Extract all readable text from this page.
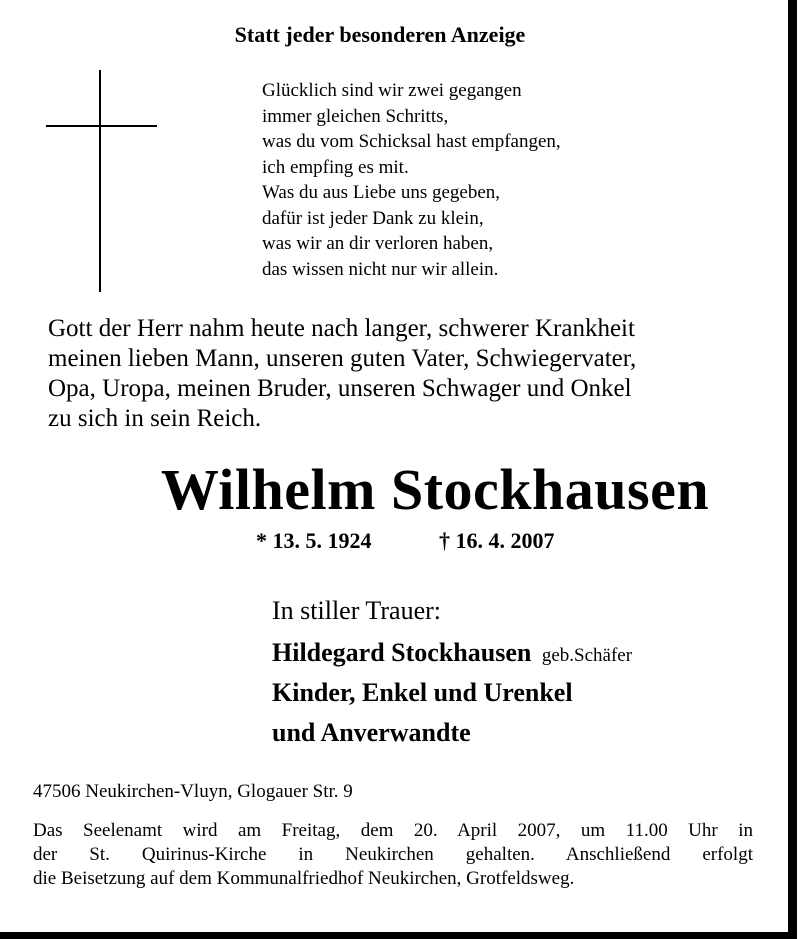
Statt jeder besonderen Anzeige
Glücklich sind wir zwei gegangen
immer gleichen Schritts,
was du vom Schicksal hast empfangen,
ich empfing es mit.
Was du aus Liebe uns gegeben,
dafür ist jeder Dank zu klein,
was wir an dir verloren haben,
das wissen nicht nur wir allein.
Gott der Herr nahm heute nach langer, schwerer Krankheit
meinen lieben Mann, unseren guten Vater, Schwiegervater,
Opa, Uropa, meinen Bruder, unseren Schwager und Onkel
zu sich in sein Reich.
Wilhelm Stockhausen
* 13. 5. 1924	† 16. 4. 2007
In stiller Trauer:
Hildegard Stockhausen geb.Schäfer
Kinder, Enkel und Urenkel
und Anverwandte
47506 Neukirchen-Vluyn, Glogauer Str. 9
Das Seelenamt wird am Freitag, dem 20. April 2007, um 11.00 Uhr in
der St. Quirinus-Kirche in Neukirchen gehalten. Anschließend erfolgt
die Beisetzung auf dem Kommunalfriedhof Neukirchen, Grotfeldsweg.
